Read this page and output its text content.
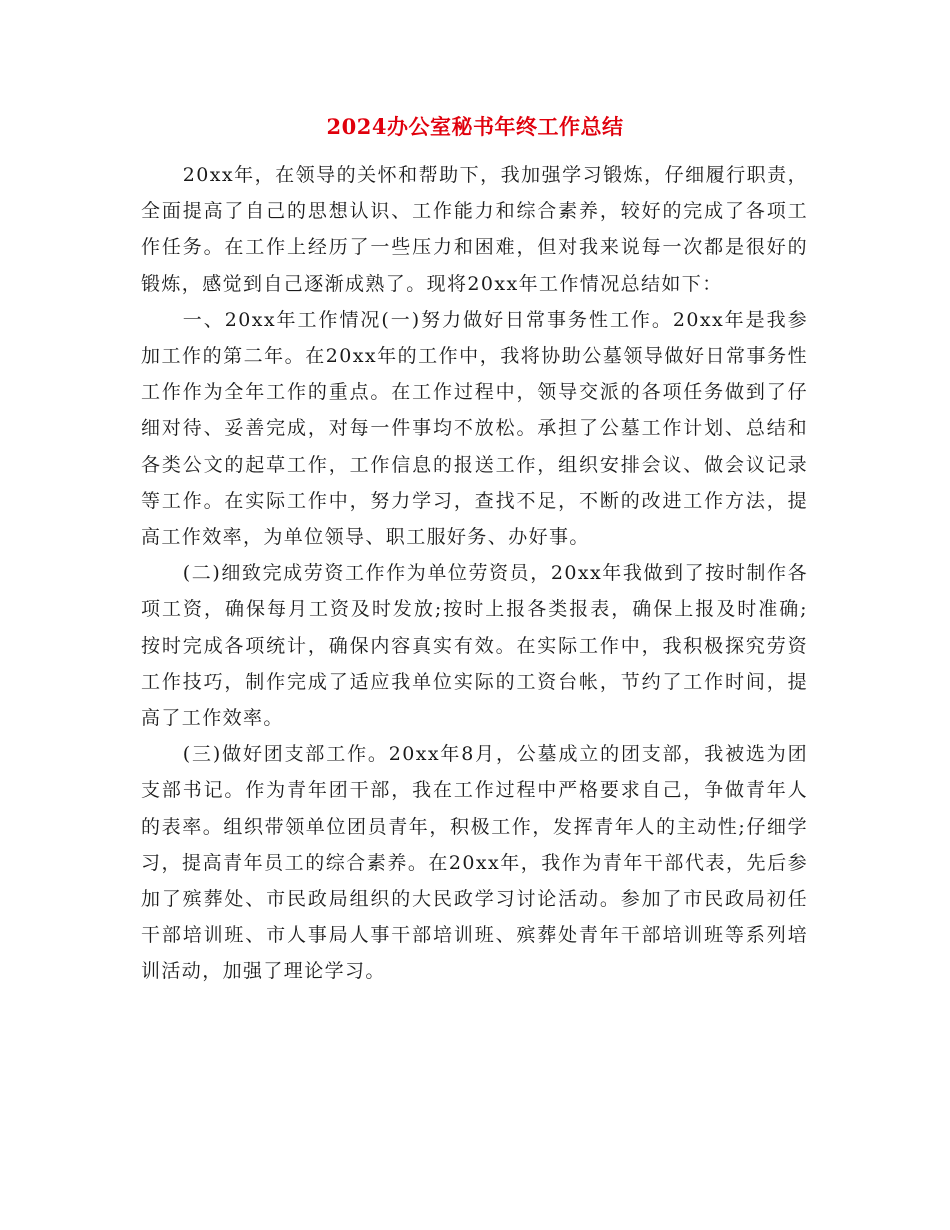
2024办公室秘书年终工作总结

20xx年，在领导的关怀和帮助下，我加强学习锻炼，仔细履行职责，全面提高了自己的思想认识、工作能力和综合素养，较好的完成了各项工作任务。在工作上经历了一些压力和困难，但对我来说每一次都是很好的锻炼，感觉到自己逐渐成熟了。现将20xx年工作情况总结如下：

一、20xx年工作情况(一)努力做好日常事务性工作。20xx年是我参加工作的第二年。在20xx年的工作中，我将协助公墓领导做好日常事务性工作作为全年工作的重点。在工作过程中，领导交派的各项任务做到了仔细对待、妥善完成，对每一件事均不放松。承担了公墓工作计划、总结和各类公文的起草工作，工作信息的报送工作，组织安排会议、做会议记录等工作。在实际工作中，努力学习，查找不足，不断的改进工作方法，提高工作效率，为单位领导、职工服好务、办好事。

(二)细致完成劳资工作作为单位劳资员，20xx年我做到了按时制作各项工资，确保每月工资及时发放;按时上报各类报表，确保上报及时准确;按时完成各项统计，确保内容真实有效。在实际工作中，我积极探究劳资工作技巧，制作完成了适应我单位实际的工资台帐，节约了工作时间，提高了工作效率。

(三)做好团支部工作。20xx年8月，公墓成立的团支部，我被选为团支部书记。作为青年团干部，我在工作过程中严格要求自己，争做青年人的表率。组织带领单位团员青年，积极工作，发挥青年人的主动性;仔细学习，提高青年员工的综合素养。在20xx年，我作为青年干部代表，先后参加了殡葬处、市民政局组织的大民政学习讨论活动。参加了市民政局初任干部培训班、市人事局人事干部培训班、殡葬处青年干部培训班等系列培训活动，加强了理论学习。
